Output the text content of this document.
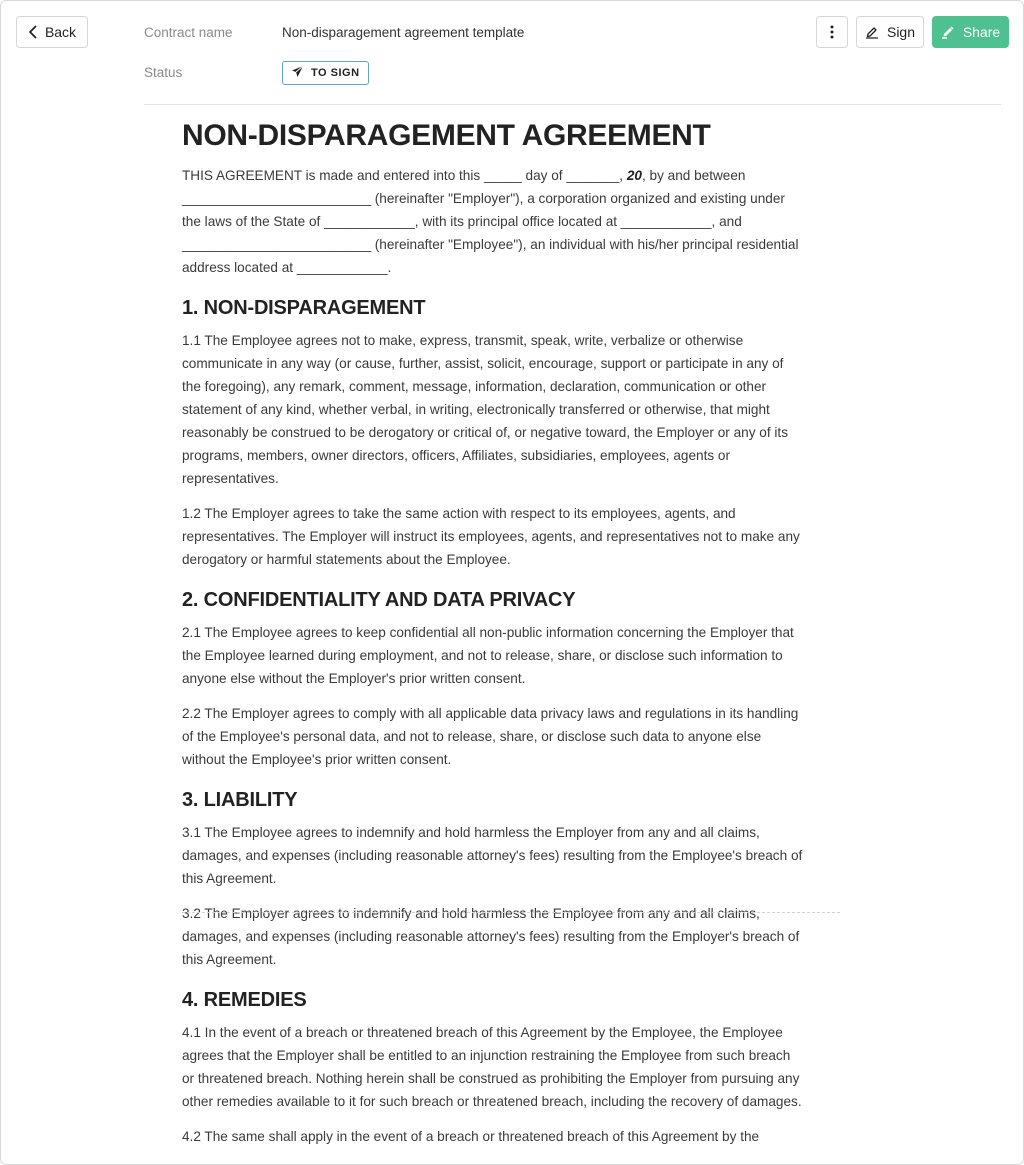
Back	Contract name	Non-disparagement agreement template
Status	TO SIGN
Sign	Share
NON-DISPARAGEMENT AGREEMENT

THIS AGREEMENT is made and entered into this _____ day of _______, 20, by and between _________________________ (hereinafter "Employer"), a corporation organized and existing under the laws of the State of ____________, with its principal office located at ____________, and _________________________ (hereinafter "Employee"), an individual with his/her principal residential address located at ____________.

1. NON-DISPARAGEMENT

1.1 The Employee agrees not to make, express, transmit, speak, write, verbalize or otherwise communicate in any way (or cause, further, assist, solicit, encourage, support or participate in any of the foregoing), any remark, comment, message, information, declaration, communication or other statement of any kind, whether verbal, in writing, electronically transferred or otherwise, that might reasonably be construed to be derogatory or critical of, or negative toward, the Employer or any of its programs, members, owner directors, officers, Affiliates, subsidiaries, employees, agents or representatives.

1.2 The Employer agrees to take the same action with respect to its employees, agents, and representatives. The Employer will instruct its employees, agents, and representatives not to make any derogatory or harmful statements about the Employee.

2. CONFIDENTIALITY AND DATA PRIVACY

2.1 The Employee agrees to keep confidential all non-public information concerning the Employer that the Employee learned during employment, and not to release, share, or disclose such information to anyone else without the Employer's prior written consent.

2.2 The Employer agrees to comply with all applicable data privacy laws and regulations in its handling of the Employee's personal data, and not to release, share, or disclose such data to anyone else without the Employee's prior written consent.

3. LIABILITY

3.1 The Employee agrees to indemnify and hold harmless the Employer from any and all claims, damages, and expenses (including reasonable attorney's fees) resulting from the Employee's breach of this Agreement.

3.2 The Employer agrees to indemnify and hold harmless the Employee from any and all claims, damages, and expenses (including reasonable attorney's fees) resulting from the Employer's breach of this Agreement.

4. REMEDIES

4.1 In the event of a breach or threatened breach of this Agreement by the Employee, the Employee agrees that the Employer shall be entitled to an injunction restraining the Employee from such breach or threatened breach. Nothing herein shall be construed as prohibiting the Employer from pursuing any other remedies available to it for such breach or threatened breach, including the recovery of damages.

4.2 The same shall apply in the event of a breach or threatened breach of this Agreement by the
